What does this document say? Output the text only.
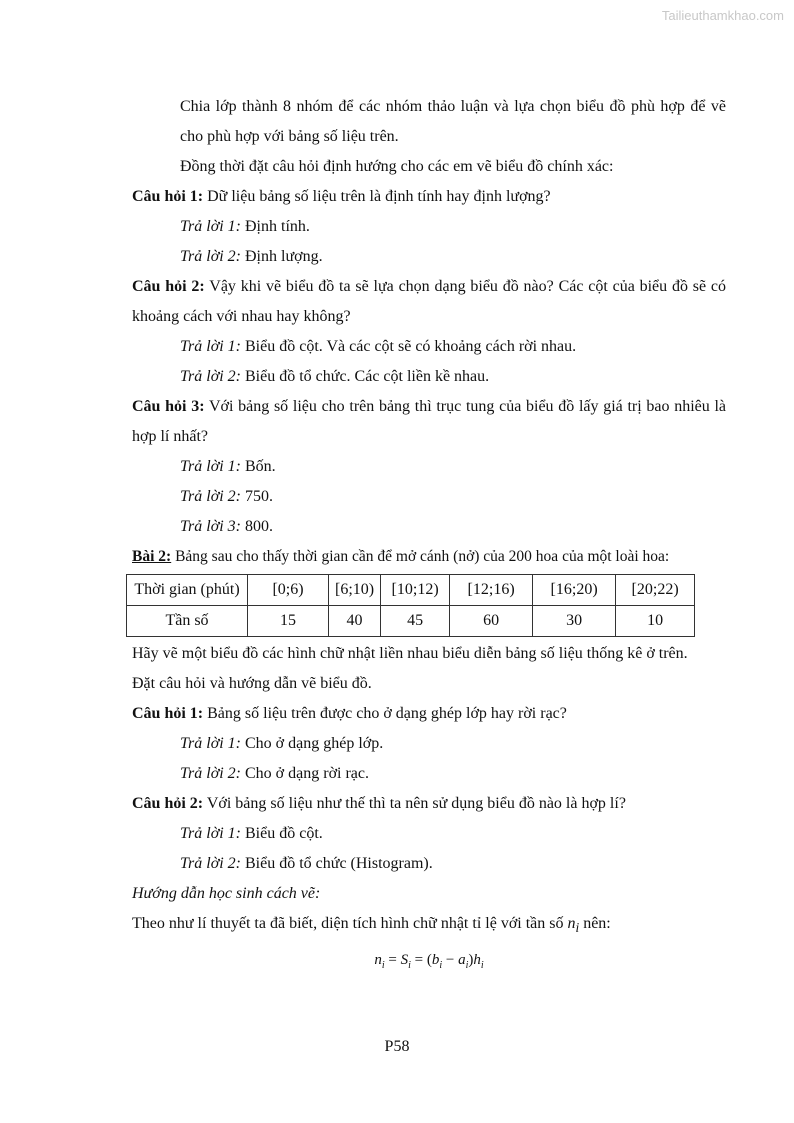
Tailieuthamkhao.com
Chia lớp thành 8 nhóm để các nhóm thảo luận và lựa chọn biểu đồ phù hợp để vẽ cho phù hợp với bảng số liệu trên.
Đồng thời đặt câu hỏi định hướng cho các em vẽ biểu đồ chính xác:
Câu hỏi 1: Dữ liệu bảng số liệu trên là định tính hay định lượng?
Trả lời 1: Định tính.
Trả lời 2: Định lượng.
Câu hỏi 2: Vậy khi vẽ biểu đồ ta sẽ lựa chọn dạng biểu đồ nào? Các cột của biểu đồ sẽ có khoảng cách với nhau hay không?
Trả lời 1: Biểu đồ cột. Và các cột sẽ có khoảng cách rời nhau.
Trả lời 2: Biểu đồ tổ chức. Các cột liền kề nhau.
Câu hỏi 3: Với bảng số liệu cho trên bảng thì trục tung của biểu đồ lấy giá trị bao nhiêu là hợp lí nhất?
Trả lời 1: Bốn.
Trả lời 2: 750.
Trả lời 3: 800.
Bài 2: Bảng sau cho thấy thời gian cần để mở cánh (nở) của 200 hoa của một loài hoa:
Thời gian (phút)	[0;6)	[6;10)	[10;12)	[12;16)	[16;20)	[20;22)
Tần số	15	40	45	60	30	10
Hãy vẽ một biểu đồ các hình chữ nhật liền nhau biểu diễn bảng số liệu thống kê ở trên.
Đặt câu hỏi và hướng dẫn vẽ biểu đồ.
Câu hỏi 1: Bảng số liệu trên được cho ở dạng ghép lớp hay rời rạc?
Trả lời 1: Cho ở dạng ghép lớp.
Trả lời 2: Cho ở dạng rời rạc.
Câu hỏi 2: Với bảng số liệu như thế thì ta nên sử dụng biểu đồ nào là hợp lí?
Trả lời 1: Biểu đồ cột.
Trả lời 2: Biểu đồ tổ chức (Histogram).
Hướng dẫn học sinh cách vẽ:
Theo như lí thuyết ta đã biết, diện tích hình chữ nhật tỉ lệ với tần số $n_i$ nên:
$n_i = S_i = (b_i - a_i)h_i$
P58
